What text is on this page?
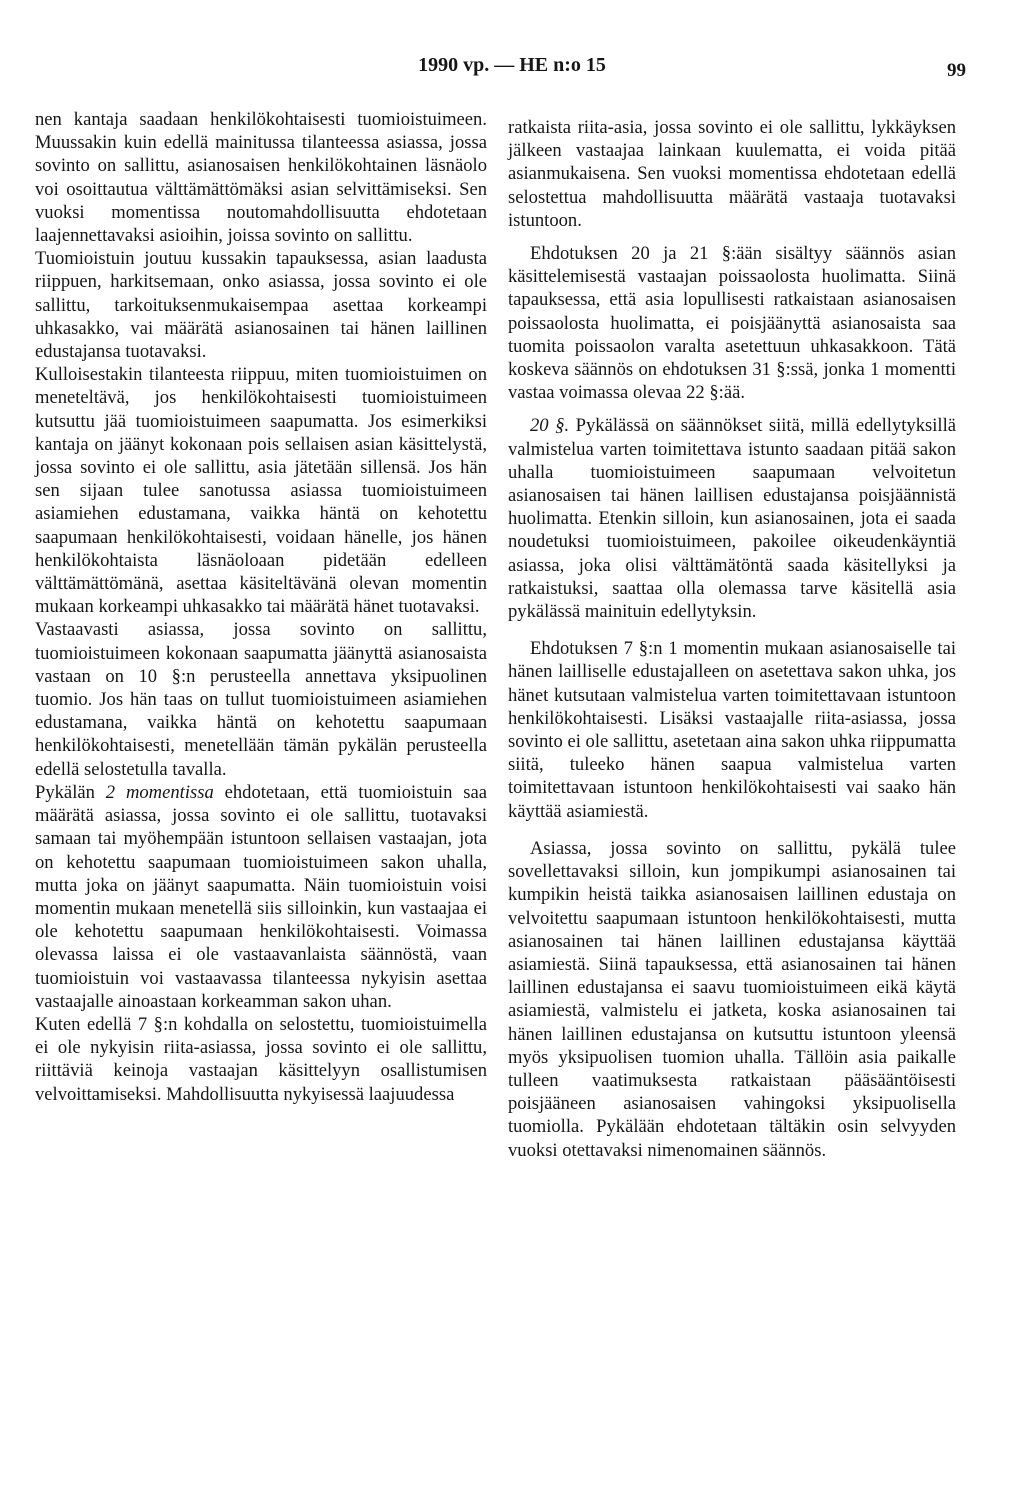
1990 vp. — HE n:o 15	99

nen kantaja saadaan henkilökohtaisesti tuomioistuimeen. Muussakin kuin edellä mainitussa tilanteessa asiassa, jossa sovinto on sallittu, asianosaisen henkilökohtainen läsnäolo voi osoittautua välttämättömäksi asian selvittämiseksi. Sen vuoksi momentissa noutomahdollisuutta ehdotetaan laajennettavaksi asioihin, joissa sovinto on sallittu.

Tuomioistuin joutuu kussakin tapauksessa, asian laadusta riippuen, harkitsemaan, onko asiassa, jossa sovinto ei ole sallittu, tarkoituksenmukaisempaa asettaa korkeampi uhkasakko, vai määrätä asianosainen tai hänen laillinen edustajansa tuotavaksi.

Kulloisestakin tilanteesta riippuu, miten tuomioistuimen on meneteltävä, jos henkilökohtaisesti tuomioistuimeen kutsuttu jää tuomioistuimeen saapumatta. Jos esimerkiksi kantaja on jäänyt kokonaan pois sellaisen asian käsittelystä, jossa sovinto ei ole sallittu, asia jätetään sillensä. Jos hän sen sijaan tulee sanotussa asiassa tuomioistuimeen asiamiehen edustamana, vaikka häntä on kehotettu saapumaan henkilökohtaisesti, voidaan hänelle, jos hänen henkilökohtaista läsnäoloaan pidetään edelleen välttämättömänä, asettaa käsiteltävänä olevan momentin mukaan korkeampi uhkasakko tai määrätä hänet tuotavaksi.

Vastaavasti asiassa, jossa sovinto on sallittu, tuomioistuimeen kokonaan saapumatta jäänyttä asianosaista vastaan on 10 §:n perusteella annettava yksipuolinen tuomio. Jos hän taas on tullut tuomioistuimeen asiamiehen edustamana, vaikka häntä on kehotettu saapumaan henkilökohtaisesti, menetellään tämän pykälän perusteella edellä selostetulla tavalla.

Pykälän 2 momentissa ehdotetaan, että tuomioistuin saa määrätä asiassa, jossa sovinto ei ole sallittu, tuotavaksi samaan tai myöhempään istuntoon sellaisen vastaajan, jota on kehotettu saapumaan tuomioistuimeen sakon uhalla, mutta joka on jäänyt saapumatta. Näin tuomioistuin voisi momentin mukaan menetellä siis silloinkin, kun vastaajaa ei ole kehotettu saapumaan henkilökohtaisesti. Voimassa olevassa laissa ei ole vastaavanlaista säännöstä, vaan tuomioistuin voi vastaavassa tilanteessa nykyisin asettaa vastaajalle ainoastaan korkeamman sakon uhan.

Kuten edellä 7 §:n kohdalla on selostettu, tuomioistuimella ei ole nykyisin riita-asiassa, jossa sovinto ei ole sallittu, riittäviä keinoja vastaajan käsittelyyn osallistumisen velvoittamiseksi. Mahdollisuutta nykyisessä laajuudessa

ratkaista riita-asia, jossa sovinto ei ole sallittu, lykkäyksen jälkeen vastaajaa lainkaan kuulematta, ei voida pitää asianmukaisena. Sen vuoksi momentissa ehdotetaan edellä selostettua mahdollisuutta määrätä vastaaja tuotavaksi istuntoon.

Ehdotuksen 20 ja 21 §:ään sisältyy säännös asian käsittelemisestä vastaajan poissaolosta huolimatta. Siinä tapauksessa, että asia lopullisesti ratkaistaan asianosaisen poissaolosta huolimatta, ei poisjäänyttä asianosaista saa tuomita poissaolon varalta asetettuun uhkasakkoon. Tätä koskeva säännös on ehdotuksen 31 §:ssä, jonka 1 momentti vastaa voimassa olevaa 22 §:ää.

20 §. Pykälässä on säännökset siitä, millä edellytyksillä valmistelua varten toimitettava istunto saadaan pitää sakon uhalla tuomioistuimeen saapumaan velvoitetun asianosaisen tai hänen laillisen edustajansa poisjäännistä huolimatta. Etenkin silloin, kun asianosainen, jota ei saada noudetuksi tuomioistuimeen, pakoilee oikeudenkäyntiä asiassa, joka olisi välttämätöntä saada käsitellyksi ja ratkaistuksi, saattaa olla olemassa tarve käsitellä asia pykälässä mainituin edellytyksin.

Ehdotuksen 7 §:n 1 momentin mukaan asianosaiselle tai hänen lailliselle edustajalleen on asetettava sakon uhka, jos hänet kutsutaan valmistelua varten toimitettavaan istuntoon henkilökohtaisesti. Lisäksi vastaajalle riita-asiassa, jossa sovinto ei ole sallittu, asetetaan aina sakon uhka riippumatta siitä, tuleeko hänen saapua valmistelua varten toimitettavaan istuntoon henkilökohtaisesti vai saako hän käyttää asiamiestä.

Asiassa, jossa sovinto on sallittu, pykälä tulee sovellettavaksi silloin, kun jompikumpi asianosainen tai kumpikin heistä taikka asianosaisen laillinen edustaja on velvoitettu saapumaan istuntoon henkilökohtaisesti, mutta asianosainen tai hänen laillinen edustajansa käyttää asiamiestä. Siinä tapauksessa, että asianosainen tai hänen laillinen edustajansa ei saavu tuomioistuimeen eikä käytä asiamiestä, valmistelu ei jatketa, koska asianosainen tai hänen laillinen edustajansa on kutsuttu istuntoon yleensä myös yksipuolisen tuomion uhalla. Tällöin asia paikalle tulleen vaatimuksesta ratkaistaan pääsääntöisesti poisjääneen asianosaisen vahingoksi yksipuolisella tuomiolla. Pykälään ehdotetaan tältäkin osin selvyyden vuoksi otettavaksi nimenomainen säännös.
